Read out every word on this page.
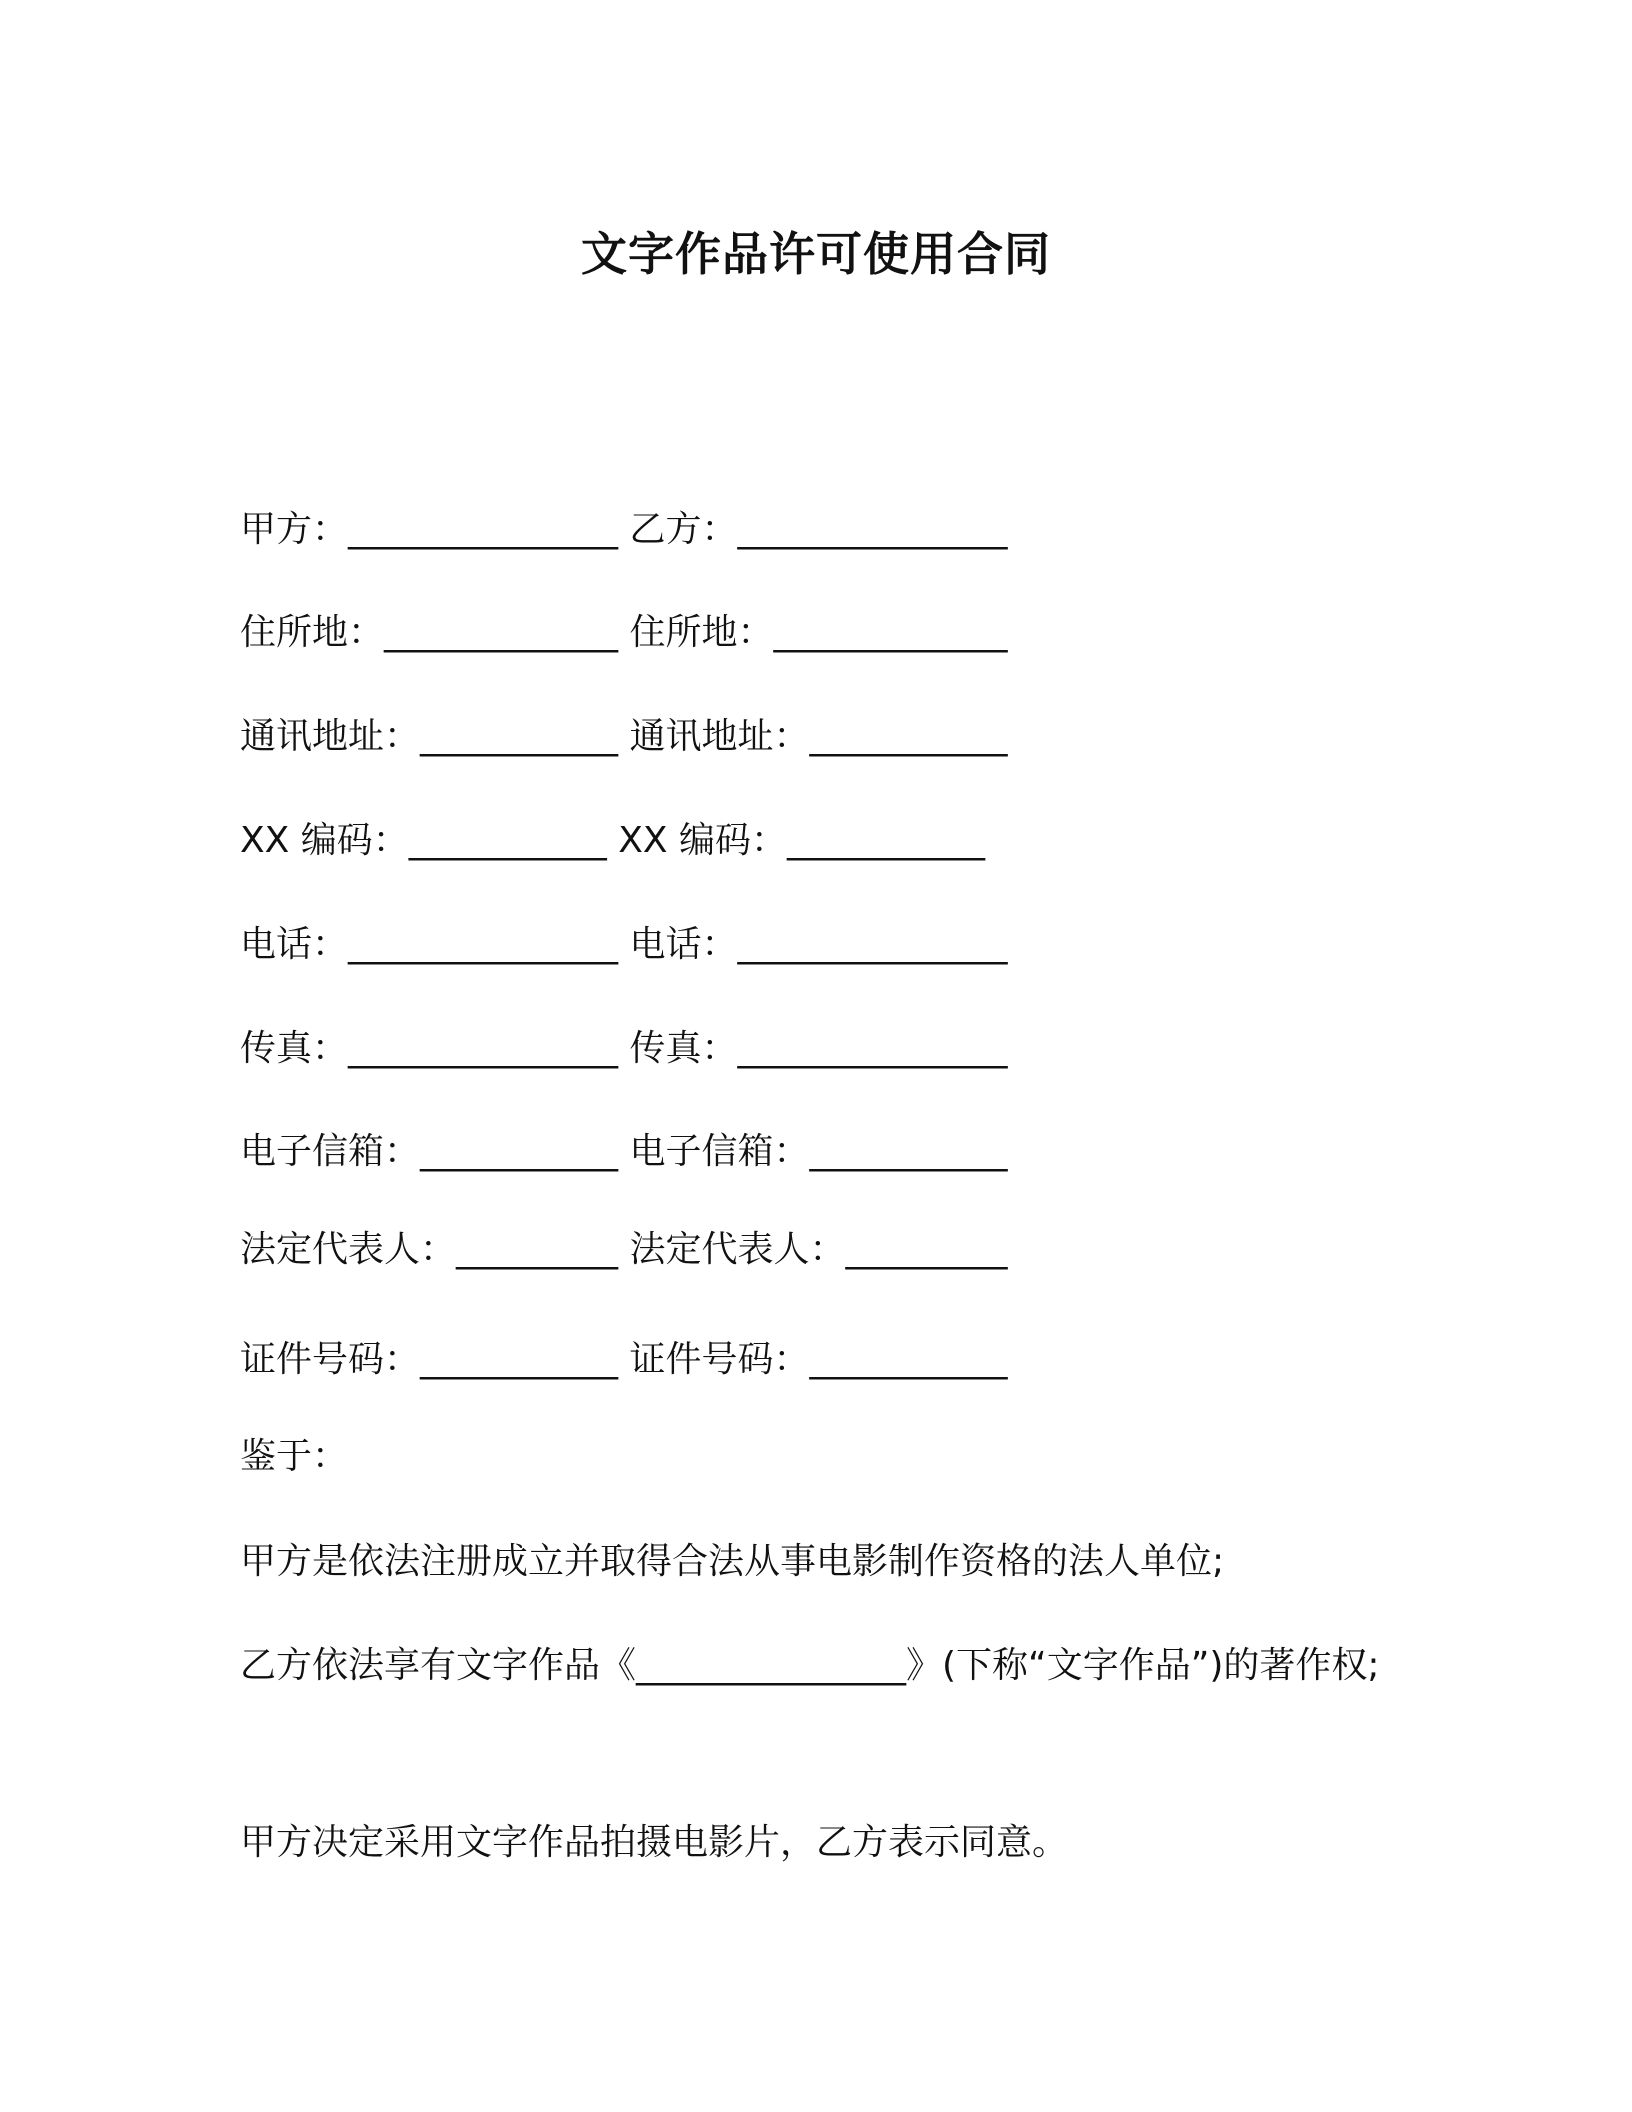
文字作品许可使用合同
甲方：_______________ 乙方：_______________
住所地：_____________ 住所地：_____________
通讯地址：___________ 通讯地址：___________
XX 编码：___________ XX 编码：___________
电话：_______________ 电话：_______________
传真：_______________ 传真：_______________
电子信箱：___________ 电子信箱：___________
法定代表人：_________ 法定代表人：_________
证件号码：___________ 证件号码：___________
鉴于：
甲方是依法注册成立并取得合法从事电影制作资格的法人单位;
乙方依法享有文字作品《_______________》(下称“文字作品”)的著作权;
甲方决定采用文字作品拍摄电影片，乙方表示同意。
